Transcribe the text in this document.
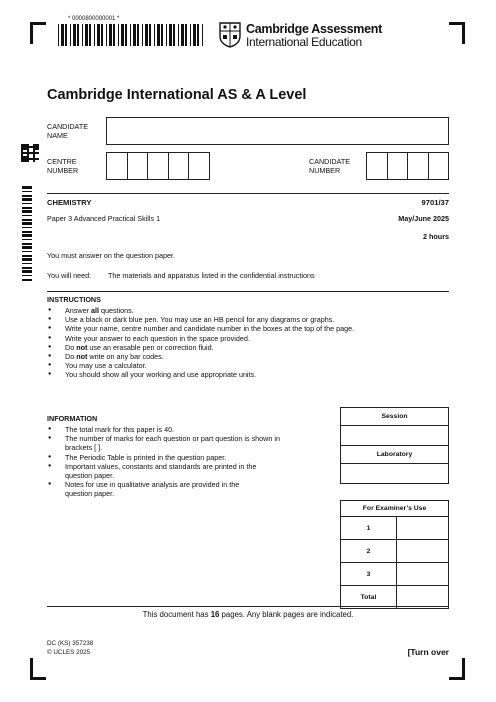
* 0000800000001 *
Cambridge Assessment
International Education
Cambridge International AS & A Level
CANDIDATE
NAME
CENTRE
NUMBER
CANDIDATE
NUMBER
CHEMISTRY	9701/37
Paper 3 Advanced Practical Skills 1	May/June 2025
2 hours
You must answer on the question paper.
You will need: The materials and apparatus listed in the confidential instructions
INSTRUCTIONS
● Answer all questions.
● Use a black or dark blue pen. You may use an HB pencil for any diagrams or graphs.
● Write your name, centre number and candidate number in the boxes at the top of the page.
● Write your answer to each question in the space provided.
● Do not use an erasable pen or correction fluid.
● Do not write on any bar codes.
● You may use a calculator.
● You should show all your working and use appropriate units.
INFORMATION
● The total mark for this paper is 40.
● The number of marks for each question or part question is shown in
brackets [ ].
● The Periodic Table is printed in the question paper.
● Important values, constants and standards are printed in the
question paper.
● Notes for use in qualitative analysis are provided in the
question paper.
Session

Laboratory

For Examiner’s Use	
1	
2	
3	
Total	
This document has 16 pages. Any blank pages are indicated.
DC (KS) 357238
© UCLES 2025	[Turn over
